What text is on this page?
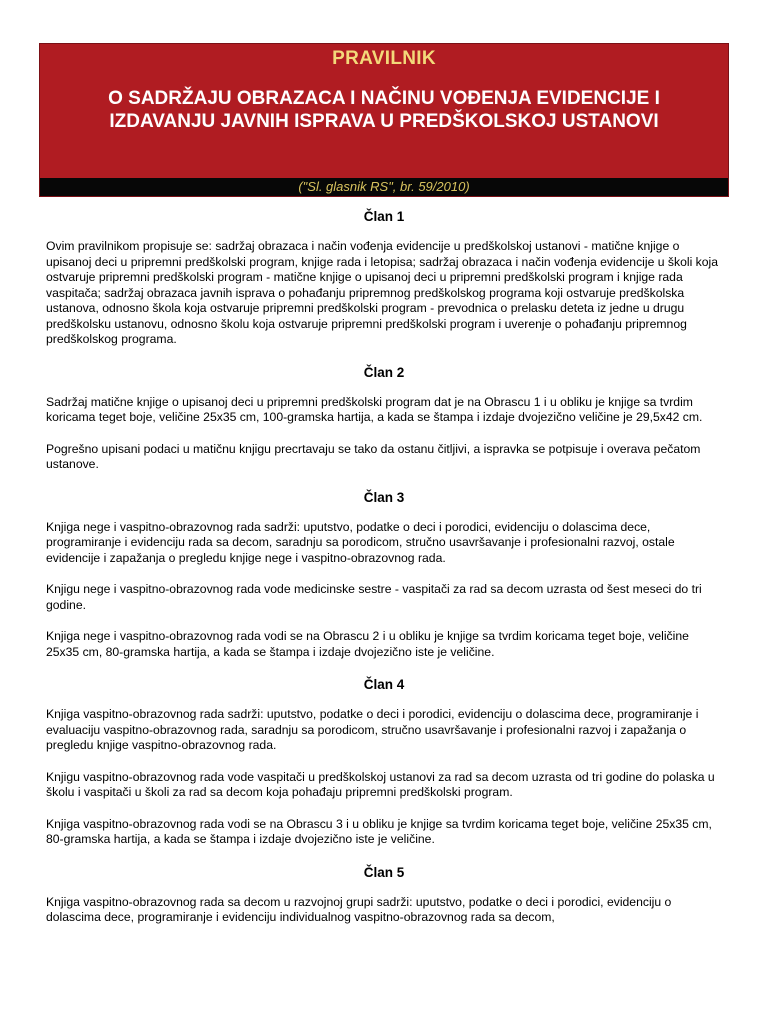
PRAVILNIK
O SADRŽAJU OBRAZACA I NAČINU VOĐENJA EVIDENCIJE I IZDAVANJU JAVNIH ISPRAVA U PREDŠKOLSKOJ USTANOVI
("Sl. glasnik RS", br. 59/2010)
Član 1

Ovim pravilnikom propisuje se: sadržaj obrazaca i način vođenja evidencije u predškolskoj ustanovi - matične knjige o upisanoj deci u pripremni predškolski program, knjige rada i letopisa; sadržaj obrazaca i način vođenja evidencije u školi koja ostvaruje pripremni predškolski program - matične knjige o upisanoj deci u pripremni predškolski program i knjige rada vaspitača; sadržaj obrazaca javnih isprava o pohađanju pripremnog predškolskog programa koji ostvaruje predškolska ustanova, odnosno škola koja ostvaruje pripremni predškolski program - prevodnica o prelasku deteta iz jedne u drugu predškolsku ustanovu, odnosno školu koja ostvaruje pripremni predškolski program i uverenje o pohađanju pripremnog predškolskog programa.

Član 2

Sadržaj matične knjige o upisanoj deci u pripremni predškolski program dat je na Obrascu 1 i u obliku je knjige sa tvrdim koricama teget boje, veličine 25x35 cm, 100-gramska hartija, a kada se štampa i izdaje dvojezično veličine je 29,5x42 cm.

Pogrešno upisani podaci u matičnu knjigu precrtavaju se tako da ostanu čitljivi, a ispravka se potpisuje i overava pečatom ustanove.

Član 3

Knjiga nege i vaspitno-obrazovnog rada sadrži: uputstvo, podatke o deci i porodici, evidenciju o dolascima dece, programiranje i evidenciju rada sa decom, saradnju sa porodicom, stručno usavršavanje i profesionalni razvoj, ostale evidencije i zapažanja o pregledu knjige nege i vaspitno-obrazovnog rada.

Knjigu nege i vaspitno-obrazovnog rada vode medicinske sestre - vaspitači za rad sa decom uzrasta od šest meseci do tri godine.

Knjiga nege i vaspitno-obrazovnog rada vodi se na Obrascu 2 i u obliku je knjige sa tvrdim koricama teget boje, veličine 25x35 cm, 80-gramska hartija, a kada se štampa i izdaje dvojezično iste je veličine.

Član 4

Knjiga vaspitno-obrazovnog rada sadrži: uputstvo, podatke o deci i porodici, evidenciju o dolascima dece, programiranje i evaluaciju vaspitno-obrazovnog rada, saradnju sa porodicom, stručno usavršavanje i profesionalni razvoj i zapažanja o pregledu knjige vaspitno-obrazovnog rada.

Knjigu vaspitno-obrazovnog rada vode vaspitači u predškolskoj ustanovi za rad sa decom uzrasta od tri godine do polaska u školu i vaspitači u školi za rad sa decom koja pohađaju pripremni predškolski program.

Knjiga vaspitno-obrazovnog rada vodi se na Obrascu 3 i u obliku je knjige sa tvrdim koricama teget boje, veličine 25x35 cm, 80-gramska hartija, a kada se štampa i izdaje dvojezično iste je veličine.

Član 5

Knjiga vaspitno-obrazovnog rada sa decom u razvojnoj grupi sadrži: uputstvo, podatke o deci i porodici, evidenciju o dolascima dece, programiranje i evidenciju individualnog vaspitno-obrazovnog rada sa decom,
